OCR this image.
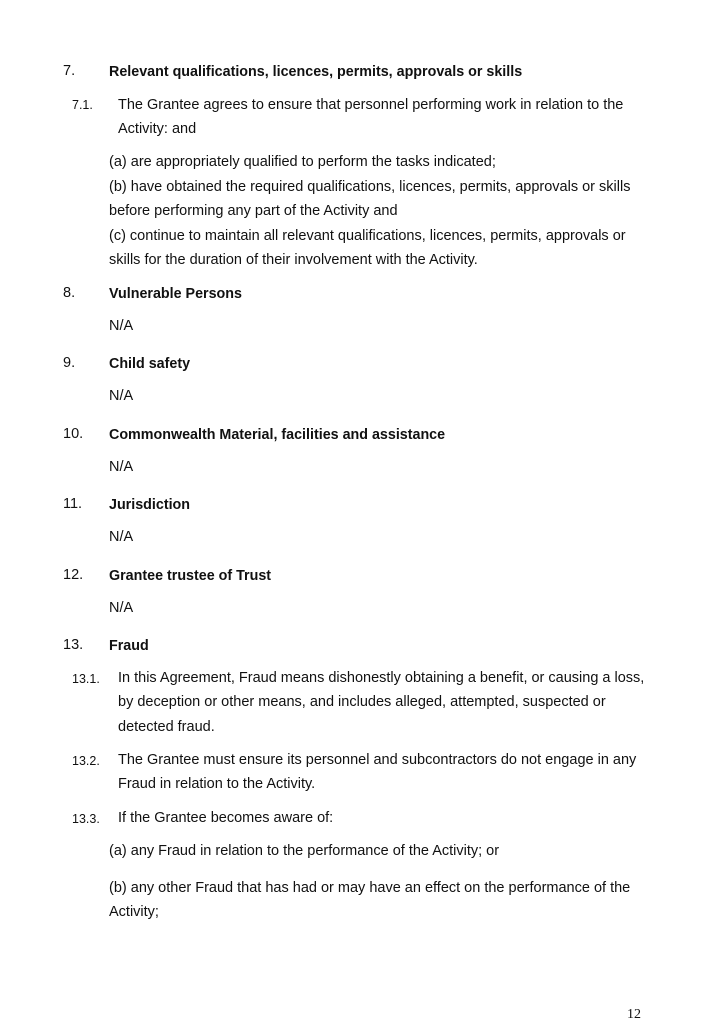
7. Relevant qualifications, licences, permits, approvals or skills
7.1. The Grantee agrees to ensure that personnel performing work in relation to the
Activity: and
(a) are appropriately qualified to perform the tasks indicated;
(b) have obtained the required qualifications, licences, permits, approvals or skills
before performing any part of the Activity and
(c) continue to maintain all relevant qualifications, licences, permits, approvals or
skills for the duration of their involvement with the Activity.
8. Vulnerable Persons
N/A
9. Child safety
N/A
10. Commonwealth Material, facilities and assistance
N/A
11. Jurisdiction
N/A
12. Grantee trustee of Trust
N/A
13. Fraud
13.1. In this Agreement, Fraud means dishonestly obtaining a benefit, or causing a loss,
by deception or other means, and includes alleged, attempted, suspected or
detected fraud.
13.2. The Grantee must ensure its personnel and subcontractors do not engage in any
Fraud in relation to the Activity.
13.3. If the Grantee becomes aware of:
(a) any Fraud in relation to the performance of the Activity; or
(b) any other Fraud that has had or may have an effect on the performance of the
Activity;
12
